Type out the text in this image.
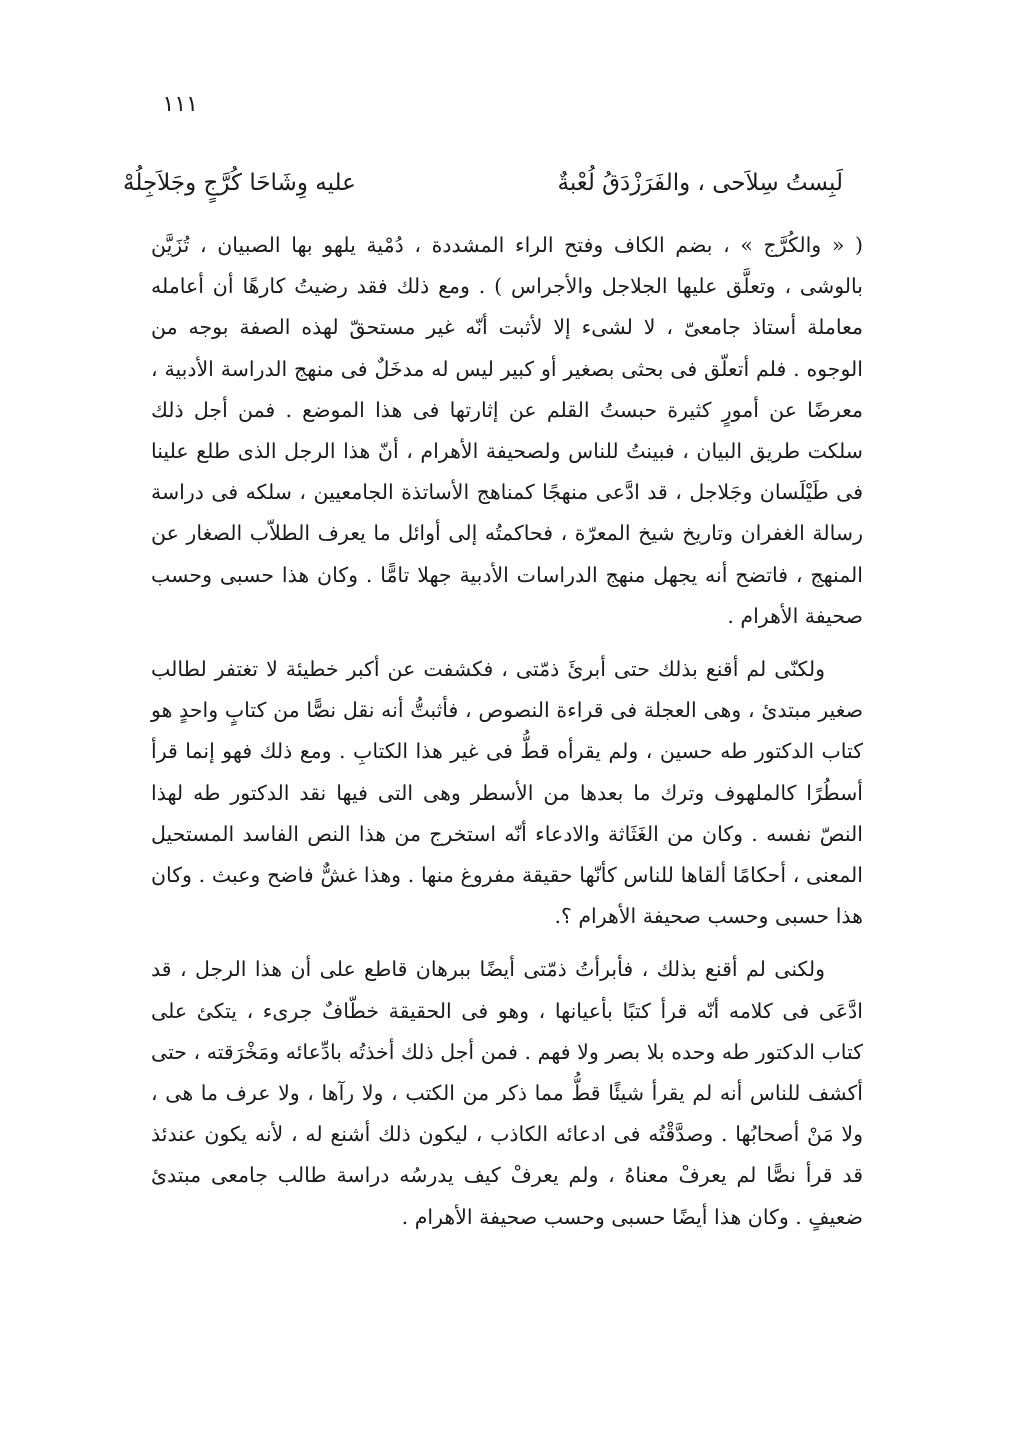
١١١
لَبِستُ سِلاَحى ، والفَرَزْدَقُ لُعْبةٌ
عليه وِشَاحَا كُرَّجٍ وجَلاَجِلُهْ

( « والكُرَّج » ، بضم الكاف وفتح الراء المشددة ، دُمْية يلهو بها الصبيان ، تُزَيَّن بالوشى ، وتعلَّق عليها الجلاجل والأجراس ) . ومع ذلك فقد رضيتُ كارهًا أن أعامله معاملة أستاذ جامعىّ ، لا لشىء إلا لأثبت أنّه غير مستحقّ لهذه الصفة بوجه من الوجوه . فلم أتعلّق فى بحثى بصغير أو كبير ليس له مدخَلٌ فى منهج الدراسة الأدبية ، معرضًا عن أمورٍ كثيرة حبستُ القلم عن إثارتها فى هذا الموضع . فمن أجل ذلك سلكت طريق البيان ، فبينتُ للناس ولصحيفة الأهرام ، أنّ هذا الرجل الذى طلع علينا فى طَيْلَسان وجَلاجل ، قد ادَّعى منهجًا كمناهج الأساتذة الجامعيين ، سلكه فى دراسة رسالة الغفران وتاريخ شيخ المعرّة ، فحاكمتُه إلى أوائل ما يعرف الطلاّب الصغار عن المنهج ، فاتضح أنه يجهل منهج الدراسات الأدبية جهلا تامًّا . وكان هذا حسبى وحسب صحيفة الأهرام .

ولكنّى لم أقنع بذلك حتى أبرئَ ذمّتى ، فكشفت عن أكبر خطيئة لا تغتفر لطالب صغير مبتدئ ، وهى العجلة فى قراءة النصوص ، فأثبتُّ أنه نقل نصًّا من كتابٍ واحدٍ هو كتاب الدكتور طه حسين ، ولم يقرأه قطُّ فى غير هذا الكتابِ . ومع ذلك فهو إنما قرأ أسطُرًا كالملهوف وترك ما بعدها من الأسطر وهى التى فيها نقد الدكتور طه لهذا النصّ نفسه . وكان من الغَثَاثة والادعاء أنّه استخرج من هذا النص الفاسد المستحيل المعنى ، أحكامًا ألقاها للناس كأنّها حقيقة مفروغ منها . وهذا غشٌّ فاضح وعبث . وكان هذا حسبى وحسب صحيفة الأهرام ؟.

ولكنى لم أقنع بذلك ، فأبرأتُ ذمّتى أيضًا ببرهان قاطع على أن هذا الرجل ، قد ادَّعَى فى كلامه أنّه قرأ كتبًا بأعيانها ، وهو فى الحقيقة خطّافٌ جرىء ، يتكئ على كتاب الدكتور طه وحده بلا بصر ولا فهم . فمن أجل ذلك أخذتُه بادِّعائه ومَخْرَقته ، حتى أكشف للناس أنه لم يقرأ شيئًا قطُّ مما ذكر من الكتب ، ولا رآها ، ولا عرف ما هى ، ولا مَنْ أصحابُها . وصدَّقْتُه فى ادعائه الكاذب ، ليكون ذلك أشنع له ، لأنه يكون عندئذ قد قرأ نصًّا لم يعرفْ معناهُ ، ولم يعرفْ كيف يدرسُه دراسة طالب جامعى مبتدئ ضعيفٍ . وكان هذا أيضًا حسبى وحسب صحيفة الأهرام .
